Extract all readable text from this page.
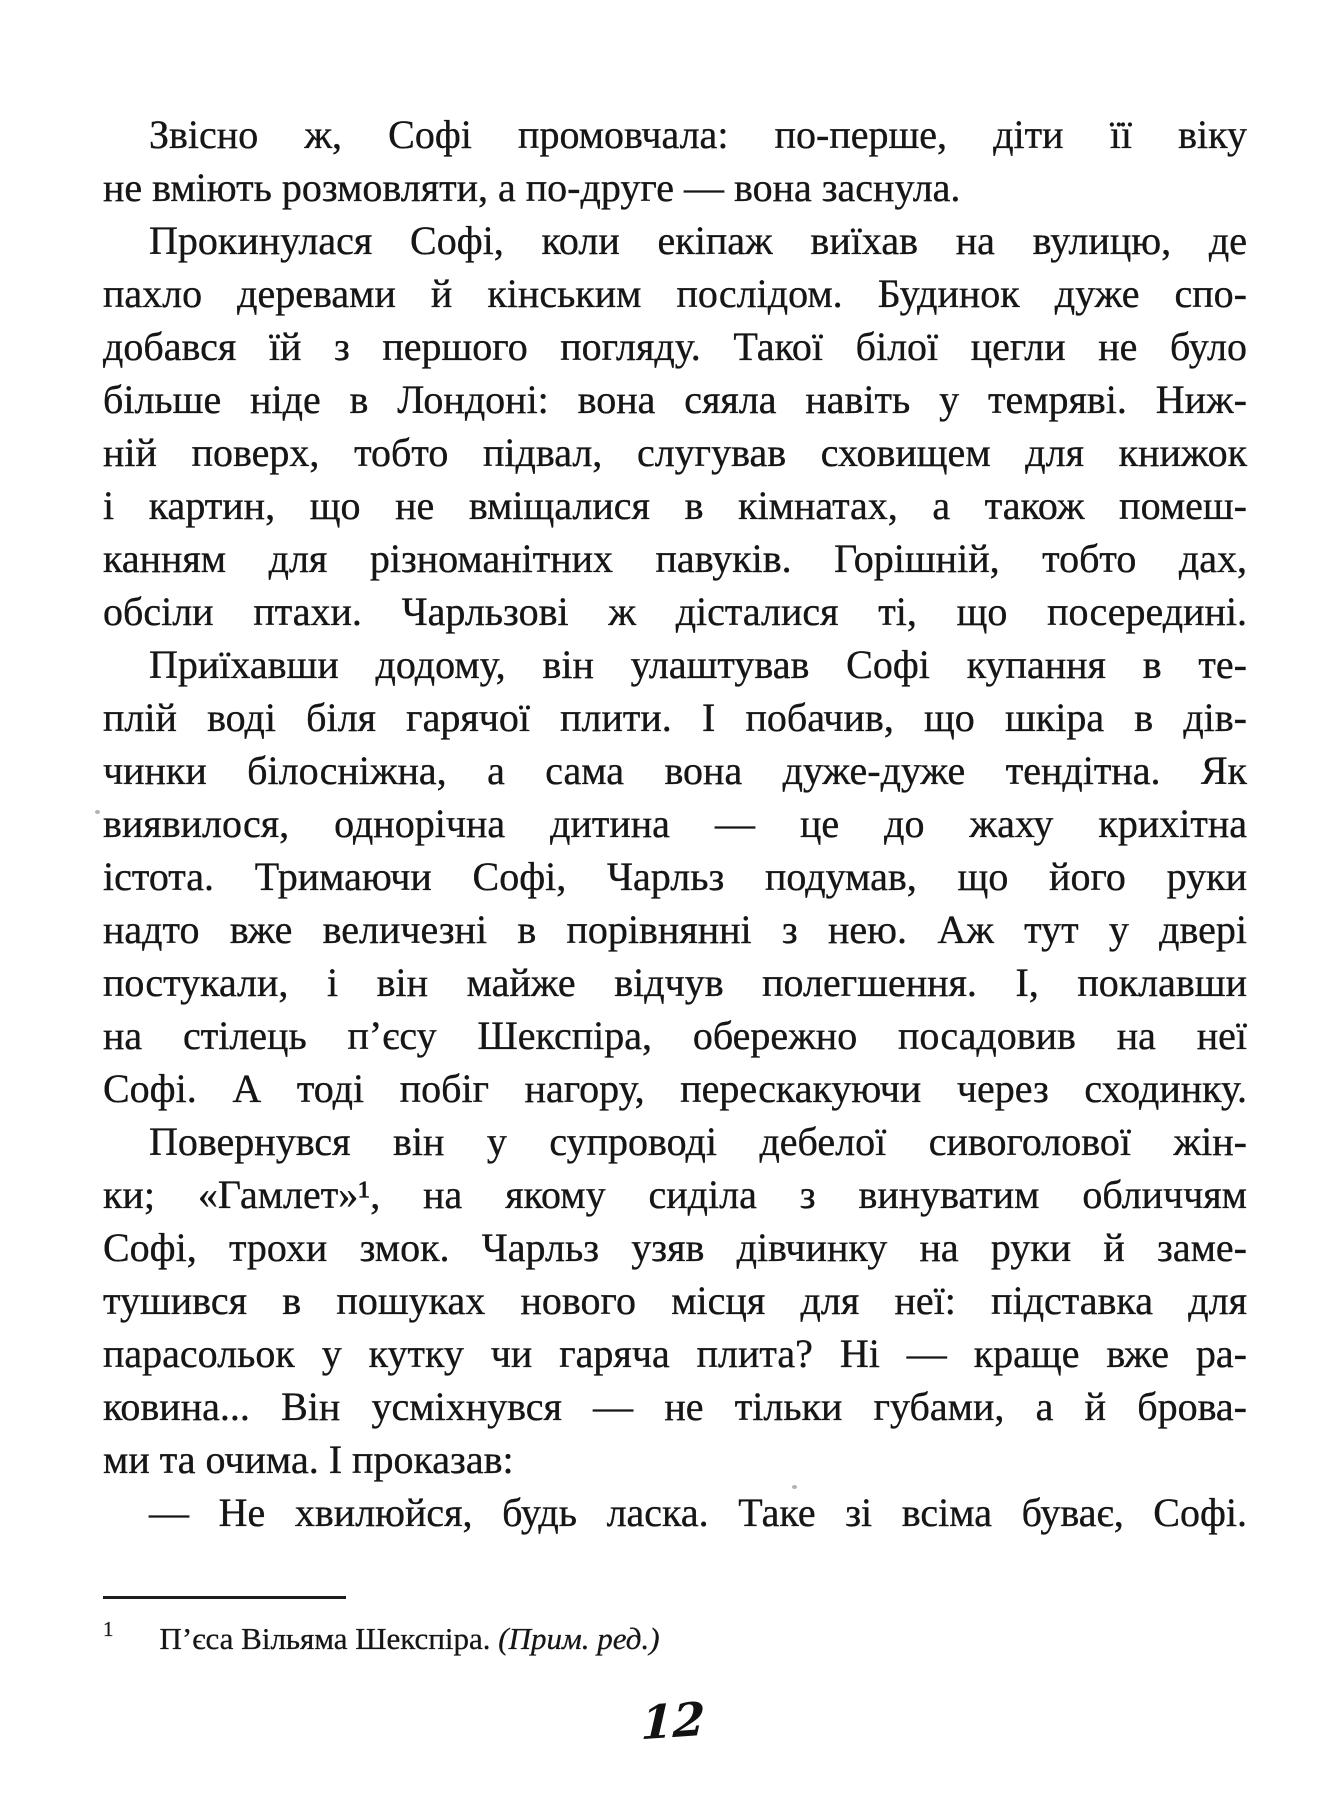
Звісно ж, Софі промовчала: по-перше, діти її віку
не вміють розмовляти, а по-друге — вона заснула.
Прокинулася Софі, коли екіпаж виїхав на вулицю, де
пахло деревами й кінським послідом. Будинок дуже спо-
добався їй з першого погляду. Такої білої цегли не було
більше ніде в Лондоні: вона сяяла навіть у темряві. Ниж-
ній поверх, тобто підвал, слугував сховищем для книжок
і картин, що не вміщалися в кімнатах, а також помеш-
канням для різноманітних павуків. Горішній, тобто дах,
обсіли птахи. Чарльзові ж дісталися ті, що посередині.
Приїхавши додому, він улаштував Софі купання в те-
плій воді біля гарячої плити. І побачив, що шкіра в дів-
чинки білосніжна, а сама вона дуже-дуже тендітна. Як
виявилося, однорічна дитина — це до жаху крихітна
істота. Тримаючи Софі, Чарльз подумав, що його руки
надто вже величезні в порівнянні з нею. Аж тут у двері
постукали, і він майже відчув полегшення. І, поклавши
на стілець п’єсу Шекспіра, обережно посадовив на неї
Софі. А тоді побіг нагору, перескакуючи через сходинку.
Повернувся він у супроводі дебелої сивоголової жін-
ки; «Гамлет»¹, на якому сиділа з винуватим обличчям
Софі, трохи змок. Чарльз узяв дівчинку на руки й заме-
тушився в пошуках нового місця для неї: підставка для
парасольок у кутку чи гаряча плита? Ні — краще вже ра-
ковина... Він усміхнувся — не тільки губами, а й брова-
ми та очима. І проказав:
— Не хвилюйся, будь ласка. Таке зі всіма буває, Софі.
$^1$ П’єса Вільяма Шекспіра. (Прим. ред.)
12
